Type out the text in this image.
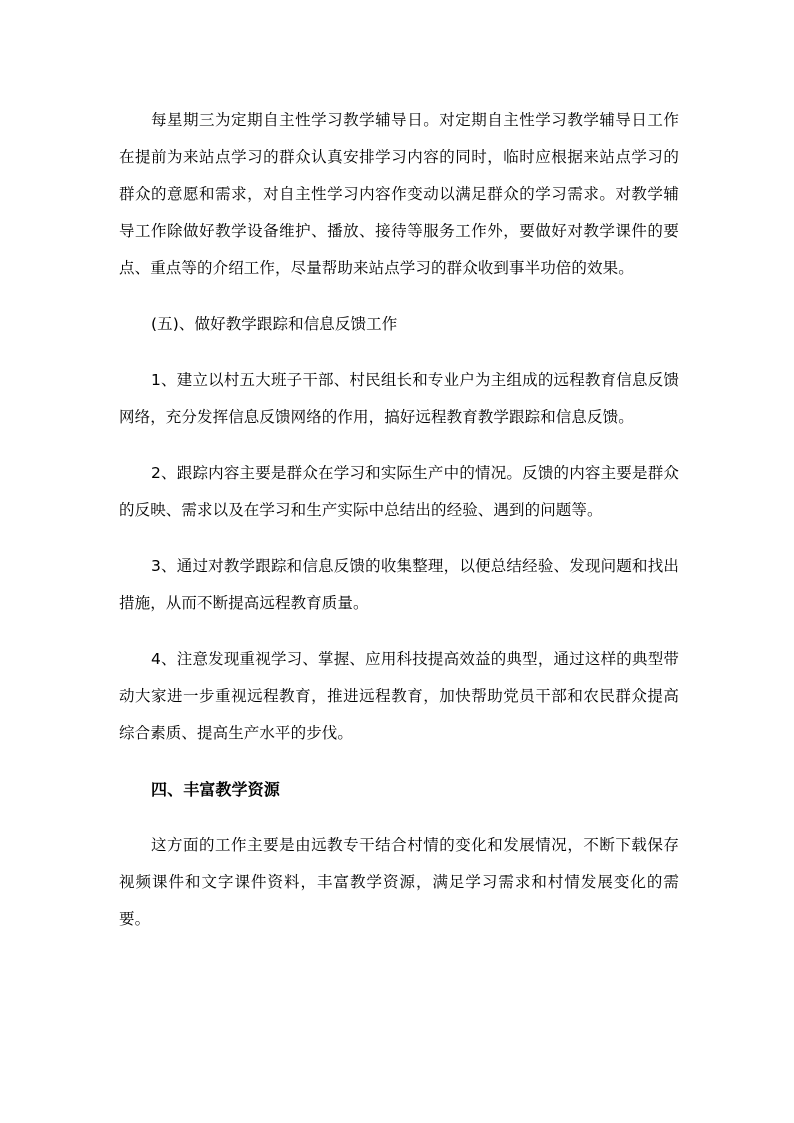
每星期三为定期自主性学习教学辅导日。对定期自主性学习教学辅导日工作在提前为来站点学习的群众认真安排学习内容的同时，临时应根据来站点学习的群众的意愿和需求，对自主性学习内容作变动以满足群众的学习需求。对教学辅导工作除做好教学设备维护、播放、接待等服务工作外，要做好对教学课件的要点、重点等的介绍工作，尽量帮助来站点学习的群众收到事半功倍的效果。

(五)、做好教学跟踪和信息反馈工作

1、建立以村五大班子干部、村民组长和专业户为主组成的远程教育信息反馈网络，充分发挥信息反馈网络的作用，搞好远程教育教学跟踪和信息反馈。

2、跟踪内容主要是群众在学习和实际生产中的情况。反馈的内容主要是群众的反映、需求以及在学习和生产实际中总结出的经验、遇到的问题等。

3、通过对教学跟踪和信息反馈的收集整理，以便总结经验、发现问题和找出措施，从而不断提高远程教育质量。

4、注意发现重视学习、掌握、应用科技提高效益的典型，通过这样的典型带动大家进一步重视远程教育，推进远程教育，加快帮助党员干部和农民群众提高综合素质、提高生产水平的步伐。

四、丰富教学资源

这方面的工作主要是由远教专干结合村情的变化和发展情况，不断下载保存视频课件和文字课件资料，丰富教学资源，满足学习需求和村情发展变化的需要。
